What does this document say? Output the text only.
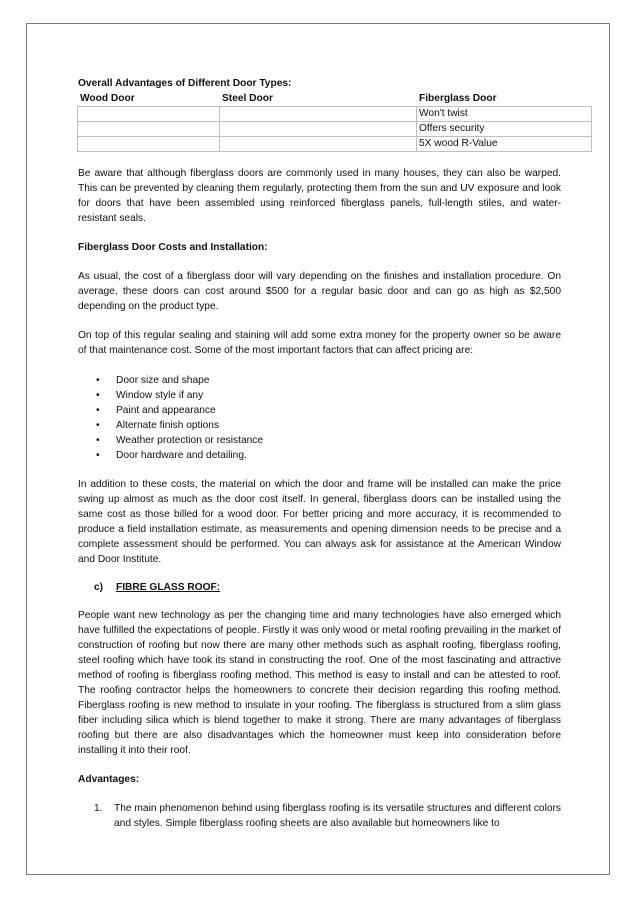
Overall Advantages of Different Door Types:

Wood Door	Steel Door	Fiberglass Door
		Won't twist
		Offers security
		5X wood R-Value

Be aware that although fiberglass doors are commonly used in many houses, they can also be warped. This can be prevented by cleaning them regularly, protecting them from the sun and UV exposure and look for doors that have been assembled using reinforced fiberglass panels, full-length stiles, and water-resistant seals.

Fiberglass Door Costs and Installation:

As usual, the cost of a fiberglass door will vary depending on the finishes and installation procedure. On average, these doors can cost around $500 for a regular basic door and can go as high as $2,500 depending on the product type.

On top of this regular sealing and staining will add some extra money for the property owner so be aware of that maintenance cost. Some of the most important factors that can affect pricing are:

• Door size and shape
• Window style if any
• Paint and appearance
• Alternate finish options
• Weather protection or resistance
• Door hardware and detailing.

In addition to these costs, the material on which the door and frame will be installed can make the price swing up almost as much as the door cost itself. In general, fiberglass doors can be installed using the same cost as those billed for a wood door. For better pricing and more accuracy, it is recommended to produce a field installation estimate, as measurements and opening dimension needs to be precise and a complete assessment should be performed. You can always ask for assistance at the American Window and Door Institute.

c) FIBRE GLASS ROOF:

People want new technology as per the changing time and many technologies have also emerged which have fulfilled the expectations of people. Firstly it was only wood or metal roofing prevailing in the market of construction of roofing but now there are many other methods such as asphalt roofing, fiberglass roofing, steel roofing which have took its stand in constructing the roof. One of the most fascinating and attractive method of roofing is fiberglass roofing method. This method is easy to install and can be attested to roof. The roofing contractor helps the homeowners to concrete their decision regarding this roofing method. Fiberglass roofing is new method to insulate in your roofing. The fiberglass is structured from a slim glass fiber including silica which is blend together to make it strong. There are many advantages of fiberglass roofing but there are also disadvantages which the homeowner must keep into consideration before installing it into their roof.

Advantages:

1. The main phenomenon behind using fiberglass roofing is its versatile structures and different colors and styles. Simple fiberglass roofing sheets are also available but homeowners like to
